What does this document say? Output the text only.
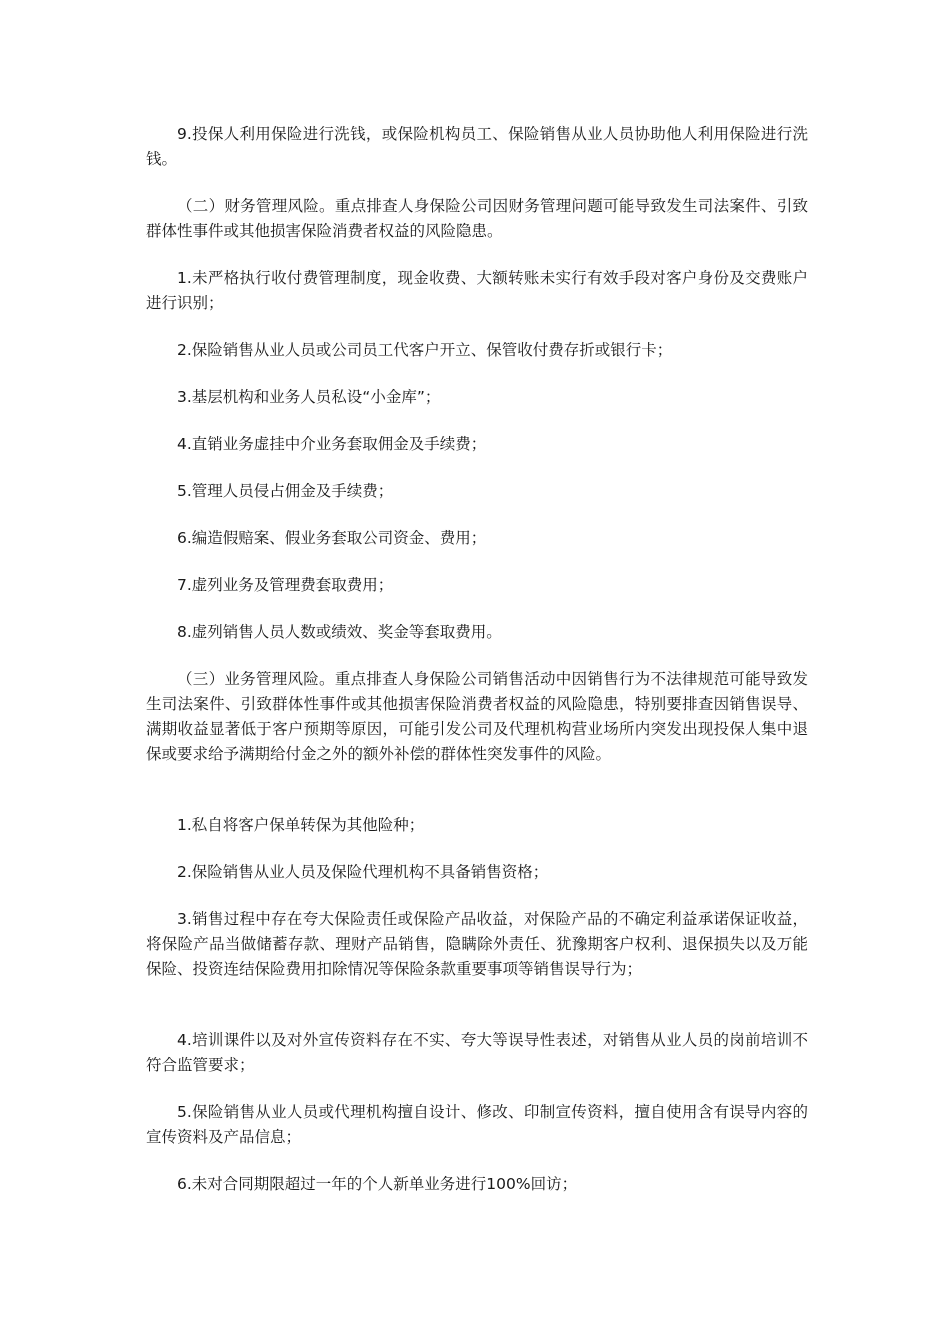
9.投保人利用保险进行洗钱，或保险机构员工、保险销售从业人员协助他人利用保险进行洗钱。

（二）财务管理风险。重点排查人身保险公司因财务管理问题可能导致发生司法案件、引致群体性事件或其他损害保险消费者权益的风险隐患。

1.未严格执行收付费管理制度，现金收费、大额转账未实行有效手段对客户身份及交费账户进行识别；

2.保险销售从业人员或公司员工代客户开立、保管收付费存折或银行卡；

3.基层机构和业务人员私设“小金库”；

4.直销业务虚挂中介业务套取佣金及手续费；

5.管理人员侵占佣金及手续费；

6.编造假赔案、假业务套取公司资金、费用；

7.虚列业务及管理费套取费用；

8.虚列销售人员人数或绩效、奖金等套取费用。

（三）业务管理风险。重点排查人身保险公司销售活动中因销售行为不法律规范可能导致发生司法案件、引致群体性事件或其他损害保险消费者权益的风险隐患，特别要排查因销售误导、满期收益显著低于客户预期等原因，可能引发公司及代理机构营业场所内突发出现投保人集中退保或要求给予满期给付金之外的额外补偿的群体性突发事件的风险。

1.私自将客户保单转保为其他险种；

2.保险销售从业人员及保险代理机构不具备销售资格；

3.销售过程中存在夸大保险责任或保险产品收益，对保险产品的不确定利益承诺保证收益，将保险产品当做储蓄存款、理财产品销售，隐瞒除外责任、犹豫期客户权利、退保损失以及万能保险、投资连结保险费用扣除情况等保险条款重要事项等销售误导行为；

4.培训课件以及对外宣传资料存在不实、夸大等误导性表述，对销售从业人员的岗前培训不符合监管要求；

5.保险销售从业人员或代理机构擅自设计、修改、印制宣传资料，擅自使用含有误导内容的宣传资料及产品信息；

6.未对合同期限超过一年的个人新单业务进行100%回访；
